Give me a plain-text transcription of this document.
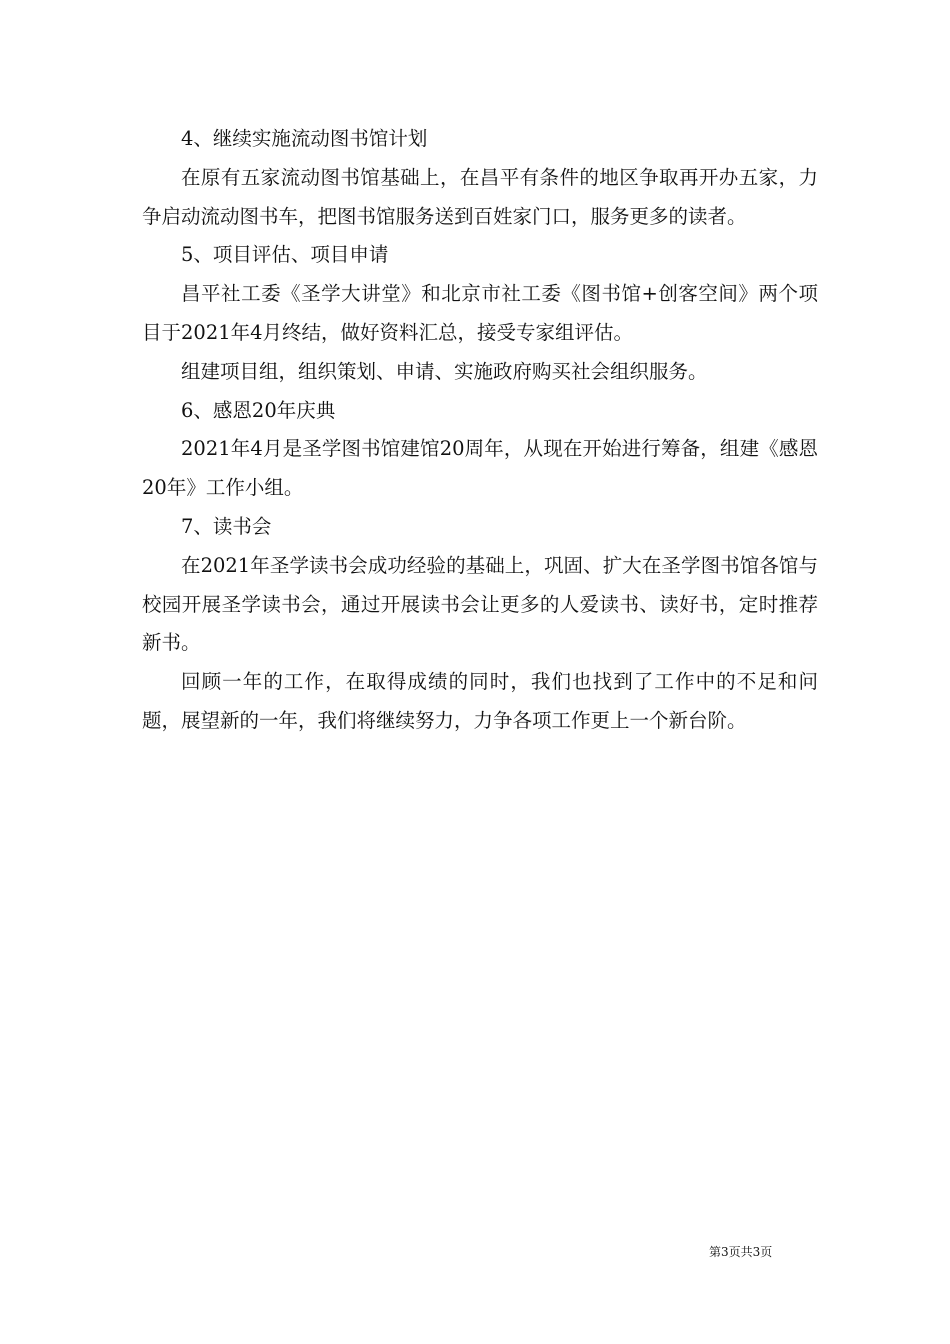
4、继续实施流动图书馆计划

在原有五家流动图书馆基础上，在昌平有条件的地区争取再开办五家，力争启动流动图书车，把图书馆服务送到百姓家门口，服务更多的读者。

5、项目评估、项目申请

昌平社工委《圣学大讲堂》和北京市社工委《图书馆+创客空间》两个项目于2021年4月终结，做好资料汇总，接受专家组评估。

组建项目组，组织策划、申请、实施政府购买社会组织服务。

6、感恩20年庆典

2021年4月是圣学图书馆建馆20周年，从现在开始进行筹备，组建《感恩20年》工作小组。

7、读书会

在2021年圣学读书会成功经验的基础上，巩固、扩大在圣学图书馆各馆与校园开展圣学读书会，通过开展读书会让更多的人爱读书、读好书，定时推荐新书。

回顾一年的工作，在取得成绩的同时，我们也找到了工作中的不足和问题，展望新的一年，我们将继续努力，力争各项工作更上一个新台阶。

第3页共3页
